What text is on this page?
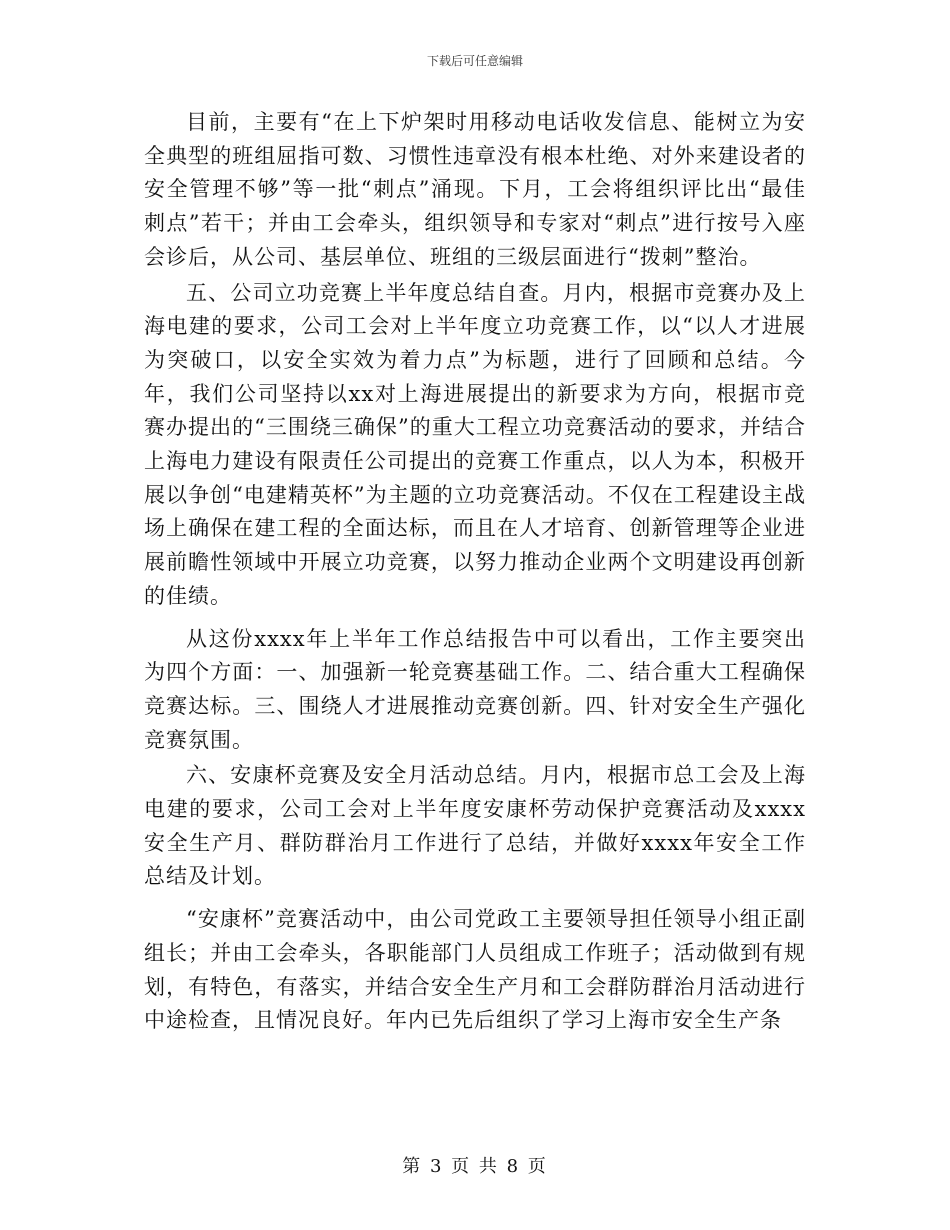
下载后可任意编辑

目前，主要有“在上下炉架时用移动电话收发信息、能树立为安全典型的班组屈指可数、习惯性违章没有根本杜绝、对外来建设者的安全管理不够”等一批“刺点”涌现。下月，工会将组织评比出“最佳刺点”若干；并由工会牵头，组织领导和专家对“刺点”进行按号入座会诊后，从公司、基层单位、班组的三级层面进行“拨刺”整治。

五、公司立功竞赛上半年度总结自查。月内，根据市竞赛办及上海电建的要求，公司工会对上半年度立功竞赛工作，以“以人才进展为突破口，以安全实效为着力点”为标题，进行了回顾和总结。今年，我们公司坚持以xx对上海进展提出的新要求为方向，根据市竞赛办提出的“三围绕三确保”的重大工程立功竞赛活动的要求，并结合上海电力建设有限责任公司提出的竞赛工作重点，以人为本，积极开展以争创“电建精英杯”为主题的立功竞赛活动。不仅在工程建设主战场上确保在建工程的全面达标，而且在人才培育、创新管理等企业进展前瞻性领域中开展立功竞赛，以努力推动企业两个文明建设再创新的佳绩。

从这份xxxx年上半年工作总结报告中可以看出，工作主要突出为四个方面：一、加强新一轮竞赛基础工作。二、结合重大工程确保竞赛达标。三、围绕人才进展推动竞赛创新。四、针对安全生产强化竞赛氛围。

六、安康杯竞赛及安全月活动总结。月内，根据市总工会及上海电建的要求，公司工会对上半年度安康杯劳动保护竞赛活动及xxxx安全生产月、群防群治月工作进行了总结，并做好xxxx年安全工作总结及计划。

“安康杯”竞赛活动中，由公司党政工主要领导担任领导小组正副组长；并由工会牵头，各职能部门人员组成工作班子；活动做到有规划，有特色，有落实，并结合安全生产月和工会群防群治月活动进行中途检查，且情况良好。年内已先后组织了学习上海市安全生产条

第 3 页 共 8 页
